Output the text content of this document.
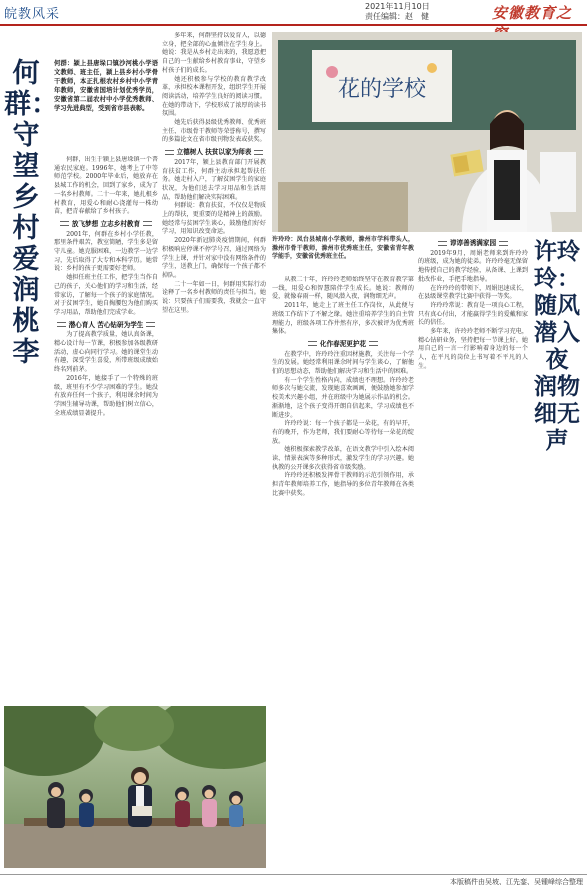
皖教风采
2021年11月10日
责任编辑：赵　健	安徽教育之
何群：
守望乡村
爱润桃李
何群：颍上县唐垛口镇沙河桃小学语文教师、班主任，颍上县乡村小学骨干教师，本正扎根农村乡村中小学青年教师，安徽省国培计划优秀学员，安徽省第二届农村中小学优秀教师、学习先进典型，受到省市县表彰。

何群，出生于颍上县唐垛镇一个普通农民家庭。1996年，她考上了中等师范学校。2000年毕业后，她放弃在县城工作的机会，回到了家乡，成为了一名乡村教师。二十一年来，她扎根乡村教育，用爱心和耐心浇灌每一株幼苗，把青春献给了乡村孩子。

放飞梦想 立志乡村教育

2001年，何群在乡村小学任教，那里条件艰苦，教室简陋，学生多是留守儿童。她克服困难，一边教学一边学习，先后取得了大专和本科学历。她常说：乡村的孩子更需要好老师。

她担任班主任工作，把学生当作自己的孩子，关心他们的学习和生活，经常家访，了解每一个孩子的家庭情况。对于贫困学生，她自掏腰包为他们购买学习用品，帮助他们完成学业。

潜心育人 苦心钻研为学生

为了提高教学质量，她认真备课，精心设计每一节课，积极参加各级教研活动，虚心向同行学习。她的课堂生动有趣，深受学生喜爱，所带班级成绩始终名列前茅。

2016年，她接手了一个特殊的班级，班里有不少学习困难的学生。她没有放弃任何一个孩子，利用课余时间为学困生辅导功课，帮助他们树立信心，全班成绩显著提升。

多年来，何群坚持以爱育人，以德立身，把全部的心血倾注在学生身上。她说：我是从乡村走出来的，我愿意把自己的一生献给乡村教育事业，守望乡村孩子们的成长。

她还积极参与学校的教育教学改革，承担校本课程开发，组织学生开展阅读活动，培养学生良好的阅读习惯。在她的带动下，学校形成了浓厚的读书氛围。

她先后获得县级优秀教师、优秀班主任、市级骨干教师等荣誉称号，撰写的多篇论文在省市级刊物发表或获奖。

立德树人 扶贫以家为师表

2017年，颍上县教育部门开展教育扶贫工作，何群主动承担起帮扶任务。她走村入户，了解贫困学生的家庭状况，为他们送去学习用品和生活用品，帮助他们解决实际困难。

何群说：教育扶贫，不仅仅是物质上的帮扶，更重要的是精神上的鼓励。她经常与贫困学生谈心，鼓励他们好好学习，用知识改变命运。

2020年新冠肺炎疫情期间，何群积极响应停课不停学号召，通过网络为学生上课，并针对家中没有网络条件的学生，送教上门，确保每一个孩子都不掉队。

二十一年如一日，何群用实际行动诠释了一名乡村教师的责任与担当。她说：只要孩子们需要我，我就会一直守望在这里。

花的学校
许玲玲：
随风潜入夜
润物细无声
许玲玲：凤台县城南小学教师，滁州市学科带头人，滁州市骨干教师，滁州市优秀班主任，安徽省青年教学能手，安徽省优秀班主任。

从教二十年，许玲玲老师始终坚守在教育教学第一线，用爱心和智慧陪伴学生成长。她说：教师的爱，就像春雨一样，随风潜入夜，润物细无声。

2011年，她走上了班主任工作岗位，从此便与班级工作结下了不解之缘。她注重培养学生的自主管理能力，班级各项工作井然有序，多次被评为优秀班集体。

化作春泥更护花

在教学中，许玲玲注重因材施教，关注每一个学生的发展。她经常利用课余时间与学生谈心，了解他们的思想动态，帮助他们解决学习和生活中的困难。

有一个学生性格内向，成绩也不理想。许玲玲老师多次与她交流，发现她喜欢画画，便鼓励她参加学校美术兴趣小组，并在班级中为她展示作品的机会。渐渐地，这个孩子变得开朗自信起来，学习成绩也不断进步。

许玲玲说：每一个孩子都是一朵花，有的早开，有的晚开，作为老师，我们要耐心等待每一朵花的绽放。

她积极探索教学改革，在语文教学中引入绘本阅读、情景表演等多种形式，激发学生的学习兴趣。她执教的公开课多次获得省市级奖励。

许玲玲还积极发挥骨干教师的示范引领作用，承担青年教师培养工作，她指导的多位青年教师在各类比赛中获奖。

谆谆善诱满家园

2019年9月，周娟老师来到许玲玲的班级，成为她的徒弟。许玲玲毫无保留地传授自己的教学经验，从备课、上课到批改作业，手把手地指导。

在许玲玲的带领下，周娟迅速成长，在县级课堂教学比赛中获得一等奖。

许玲玲常说：教育是一项良心工程，只有真心付出，才能赢得学生的爱戴和家长的信任。

多年来，许玲玲老师不断学习充电，精心钻研业务，坚持把每一节课上好。她用自己的一言一行影响着身边的每一个人，在平凡的岗位上书写着不平凡的人生。

本版稿件由吴坡、江先銮、吴锺峰综合整理
